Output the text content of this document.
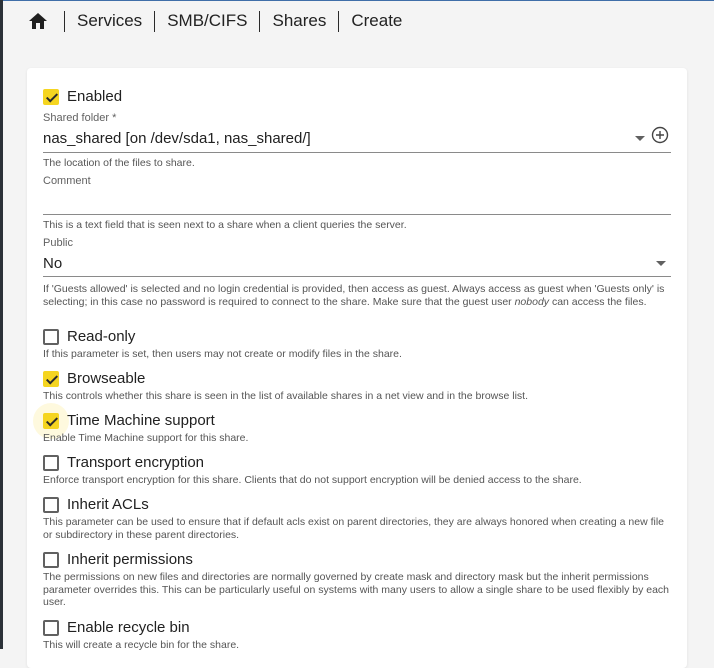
Services	SMB/CIFS	Shares	Create
Enabled
Shared folder *
nas_shared [on /dev/sda1, nas_shared/]
The location of the files to share.
Comment
This is a text field that is seen next to a share when a client queries the server.
Public
No
If 'Guests allowed' is selected and no login credential is provided, then access as guest. Always access as guest when 'Guests only' is selecting; in this case no password is required to connect to the share. Make sure that the guest user nobody can access the files.
Read-only
If this parameter is set, then users may not create or modify files in the share.
Browseable
This controls whether this share is seen in the list of available shares in a net view and in the browse list.
Time Machine support
Enable Time Machine support for this share.
Transport encryption
Enforce transport encryption for this share. Clients that do not support encryption will be denied access to the share.
Inherit ACLs
This parameter can be used to ensure that if default acls exist on parent directories, they are always honored when creating a new file or subdirectory in these parent directories.
Inherit permissions
The permissions on new files and directories are normally governed by create mask and directory mask but the inherit permissions parameter overrides this. This can be particularly useful on systems with many users to allow a single share to be used flexibly by each user.
Enable recycle bin
This will create a recycle bin for the share.
